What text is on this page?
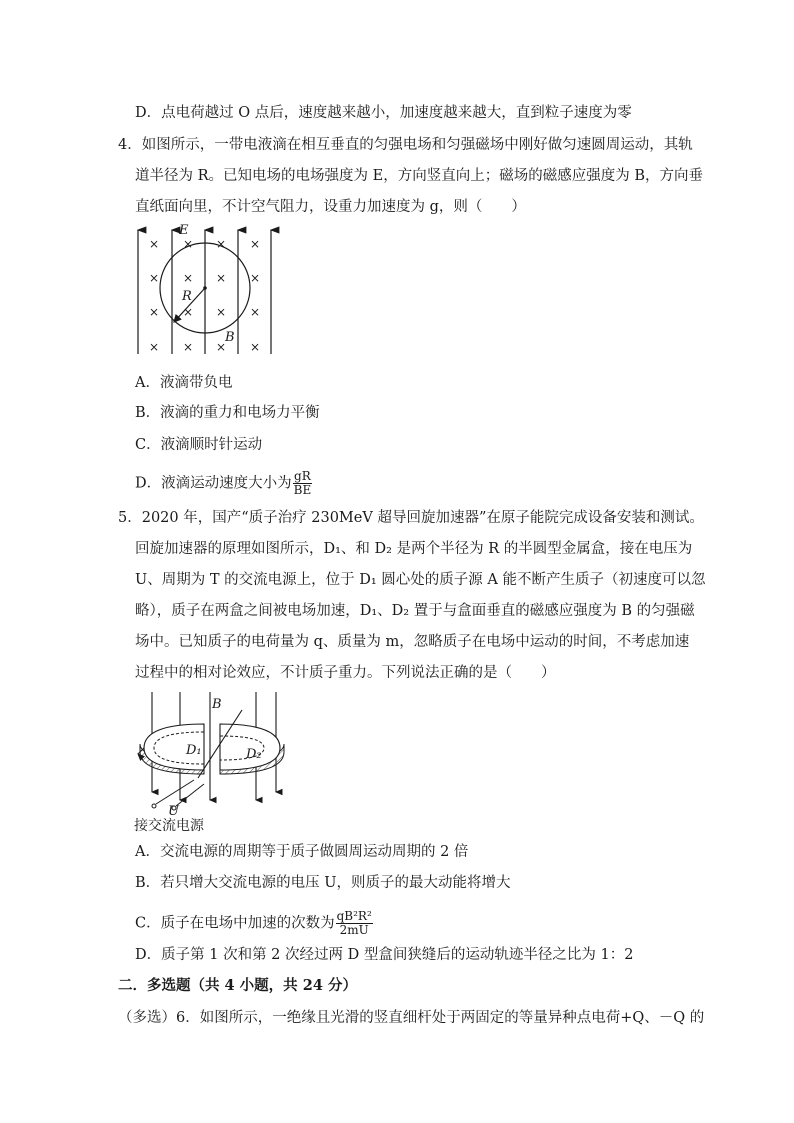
D．点电荷越过 O 点后，速度越来越小，加速度越来越大，直到粒子速度为零
4．如图所示，一带电液滴在相互垂直的匀强电场和匀强磁场中刚好做匀速圆周运动，其轨
道半径为 R。已知电场的电场强度为 E，方向竖直向上；磁场的磁感应强度为 B，方向垂
直纸面向里，不计空气阻力，设重力加速度为 g，则（　　）
× × × ×
× × × ×
× × × ×
× × × ×
E
R
B
A．液滴带负电
B．液滴的重力和电场力平衡
C．液滴顺时针运动
D．液滴运动速度大小为 $\frac{gR}{BE}$
5．2020 年，国产“质子治疗 230MeV 超导回旋加速器”在原子能院完成设备安装和测试。
回旋加速器的原理如图所示，D₁、和 D₂ 是两个半径为 R 的半圆型金属盒，接在电压为
U、周期为 T 的交流电源上，位于 D₁ 圆心处的质子源 A 能不断产生质子（初速度可以忽
略），质子在两盒之间被电场加速，D₁、D₂ 置于与盒面垂直的磁感应强度为 B 的匀强磁
场中。已知质子的电荷量为 q、质量为 m，忽略质子在电场中运动的时间，不考虑加速
过程中的相对论效应，不计质子重力。下列说法正确的是（　　）
B
D₁	D₂
U
接交流电源
A．交流电源的周期等于质子做圆周运动周期的 2 倍
B．若只增大交流电源的电压 U，则质子的最大动能将增大
C．质子在电场中加速的次数为 $\frac{\text{qB²R²}}{2mU}$
D．质子第 1 次和第 2 次经过两 D 型盒间狭缝后的运动轨迹半径之比为 1：2
二．多选题（共 4 小题，共 24 分）
（多选）6．如图所示，一绝缘且光滑的竖直细杆处于两固定的等量异种点电荷+Q、－Q 的
